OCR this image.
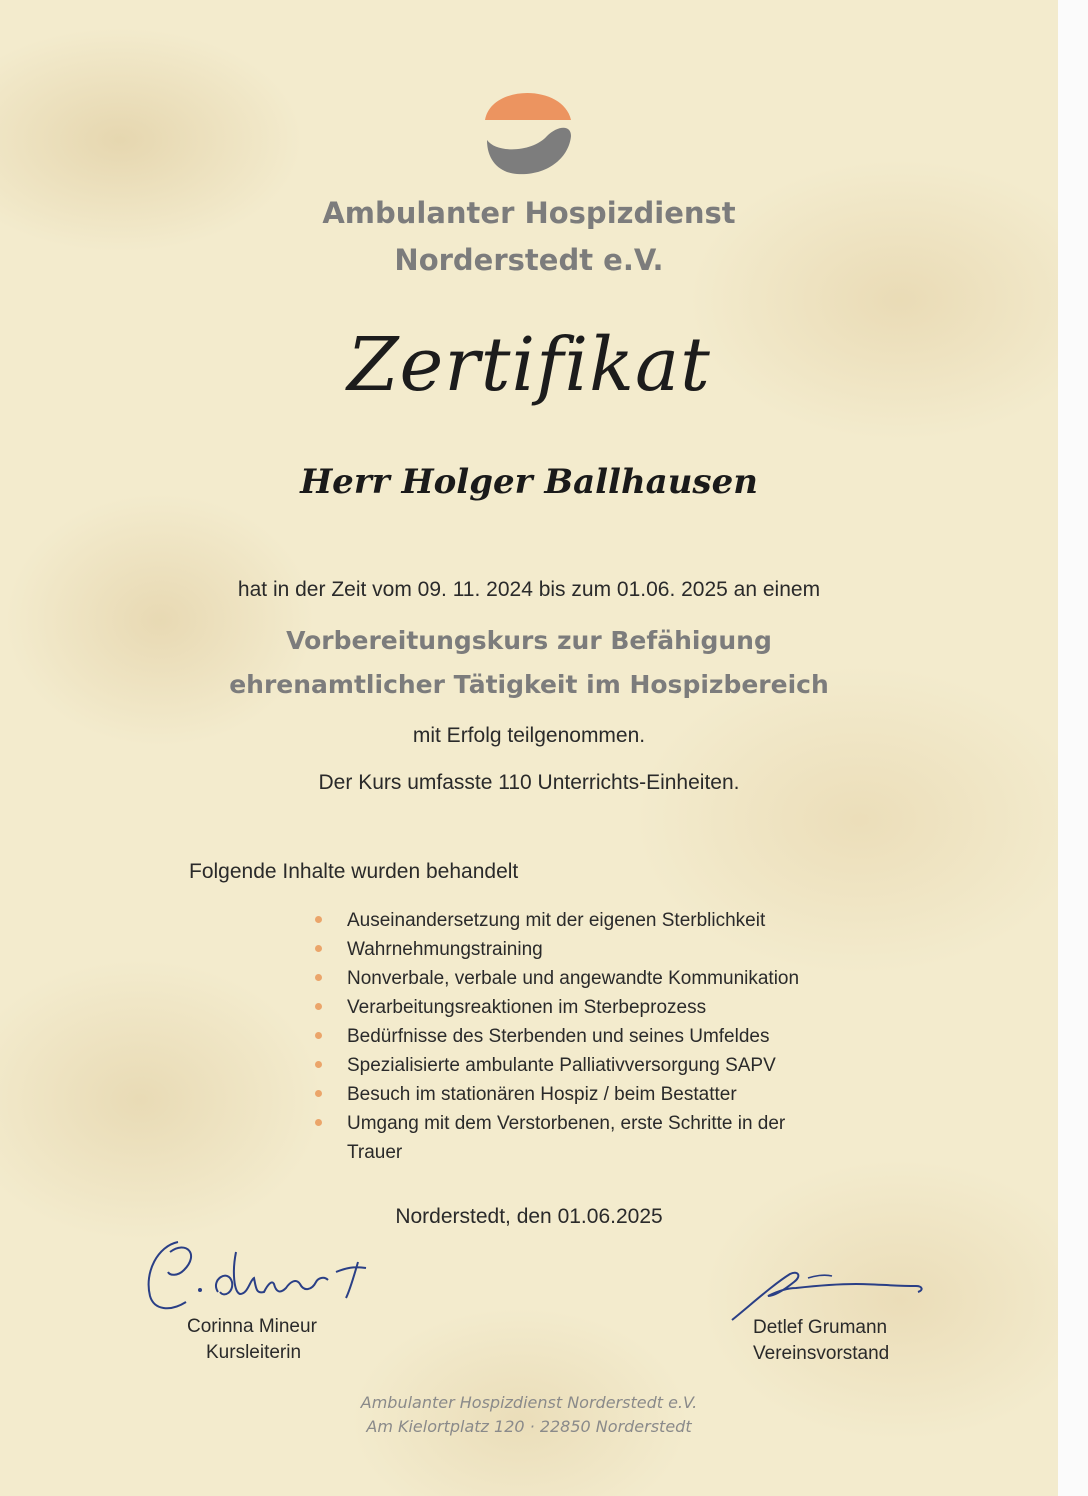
Ambulanter Hospizdienst
Norderstedt e.V.
Zertifikat
Herr Holger Ballhausen
hat in der Zeit vom 09. 11. 2024 bis zum 01.06. 2025 an einem
Vorbereitungskurs zur Befähigung
ehrenamtlicher Tätigkeit im Hospizbereich
mit Erfolg teilgenommen.
Der Kurs umfasste 110 Unterrichts-Einheiten.
Folgende Inhalte wurden behandelt
Auseinandersetzung mit der eigenen Sterblichkeit
Wahrnehmungstraining
Nonverbale, verbale und angewandte Kommunikation
Verarbeitungsreaktionen im Sterbeprozess
Bedürfnisse des Sterbenden und seines Umfeldes
Spezialisierte ambulante Palliativversorgung SAPV
Besuch im stationären Hospiz / beim Bestatter
Umgang mit dem Verstorbenen, erste Schritte in der Trauer
Norderstedt, den 01.06.2025
Corinna Mineur
Kursleiterin
Detlef Grumann
Vereinsvorstand
Ambulanter Hospizdienst Norderstedt e.V.
Am Kielortplatz 120 · 22850 Norderstedt
